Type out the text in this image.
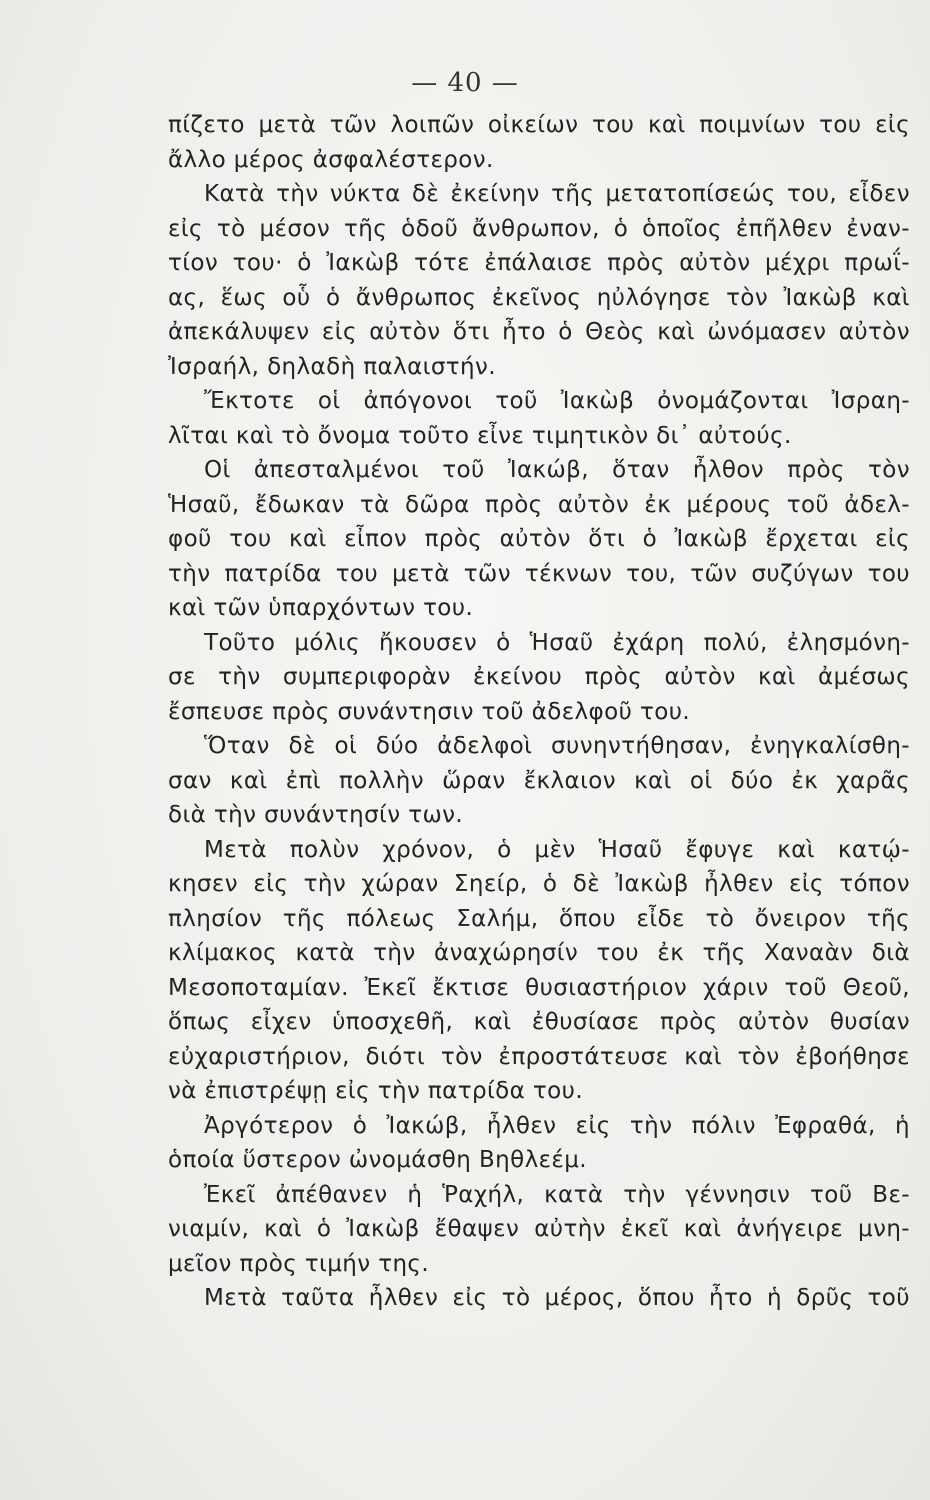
— 40 —
πίζετο μετὰ τῶν λοιπῶν οἰκείων του καὶ ποιμνίων του εἰς
ἄλλο μέρος ἀσφαλέστερον.
Κατὰ τὴν νύκτα δὲ ἐκείνην τῆς μετατοπίσεώς του, εἶδεν
εἰς τὸ μέσον τῆς ὁδοῦ ἄνθρωπον, ὁ ὁποῖος ἐπῆλθεν ἐναν-
τίον του· ὁ Ἰακὼβ τότε ἐπάλαισε πρὸς αὐτὸν μέχρι πρωΐ-
ας, ἕως οὗ ὁ ἄνθρωπος ἐκεῖνος ηὐλόγησε τὸν Ἰακὼβ καὶ
ἀπεκάλυψεν εἰς αὐτὸν ὅτι ἦτο ὁ Θεὸς καὶ ὠνόμασεν αὐτὸν
Ἰσραήλ, δηλαδὴ παλαιστήν.
Ἔκτοτε οἱ ἀπόγονοι τοῦ Ἰακὼβ ὀνομάζονται Ἰσραη-
λῖται καὶ τὸ ὄνομα τοῦτο εἶνε τιμητικὸν δι᾿ αὐτούς.
Οἱ ἀπεσταλμένοι τοῦ Ἰακώβ, ὅταν ἦλθον πρὸς τὸν
Ἡσαῦ, ἔδωκαν τὰ δῶρα πρὸς αὐτὸν ἐκ μέρους τοῦ ἀδελ-
φοῦ του καὶ εἶπον πρὸς αὐτὸν ὅτι ὁ Ἰακὼβ ἔρχεται εἰς
τὴν πατρίδα του μετὰ τῶν τέκνων του, τῶν συζύγων του
καὶ τῶν ὑπαρχόντων του.
Τοῦτο μόλις ἤκουσεν ὁ Ἡσαῦ ἐχάρη πολύ, ἐλησμόνη-
σε τὴν συμπεριφορὰν ἐκείνου πρὸς αὐτὸν καὶ ἀμέσως
ἔσπευσε πρὸς συνάντησιν τοῦ ἀδελφοῦ του.
Ὅταν δὲ οἱ δύο ἀδελφοὶ συνηντήθησαν, ἐνηγκαλίσθη-
σαν καὶ ἐπὶ πολλὴν ὥραν ἔκλαιον καὶ οἱ δύο ἐκ χαρᾶς
διὰ τὴν συνάντησίν των.
Μετὰ πολὺν χρόνον, ὁ μὲν Ἡσαῦ ἔφυγε καὶ κατῴ-
κησεν εἰς τὴν χώραν Σηείρ, ὁ δὲ Ἰακὼβ ἦλθεν εἰς τόπον
πλησίον τῆς πόλεως Σαλήμ, ὅπου εἶδε τὸ ὄνειρον τῆς
κλίμακος κατὰ τὴν ἀναχώρησίν του ἐκ τῆς Χαναὰν διὰ
Μεσοποταμίαν. Ἐκεῖ ἔκτισε θυσιαστήριον χάριν τοῦ Θεοῦ,
ὅπως εἶχεν ὑποσχεθῆ, καὶ ἐθυσίασε πρὸς αὐτὸν θυσίαν
εὐχαριστήριον, διότι τὸν ἐπροστάτευσε καὶ τὸν ἐβοήθησε
νὰ ἐπιστρέψῃ εἰς τὴν πατρίδα του.
Ἀργότερον ὁ Ἰακώβ, ἦλθεν εἰς τὴν πόλιν Ἐφραθά, ἡ
ὁποία ὕστερον ὠνομάσθη Βηθλεέμ.
Ἐκεῖ ἀπέθανεν ἡ Ῥαχήλ, κατὰ τὴν γέννησιν τοῦ Βε-
νιαμίν, καὶ ὁ Ἰακὼβ ἔθαψεν αὐτὴν ἐκεῖ καὶ ἀνήγειρε μνη-
μεῖον πρὸς τιμήν της.
Μετὰ ταῦτα ἦλθεν εἰς τὸ μέρος, ὅπου ἦτο ἡ δρῦς τοῦ
